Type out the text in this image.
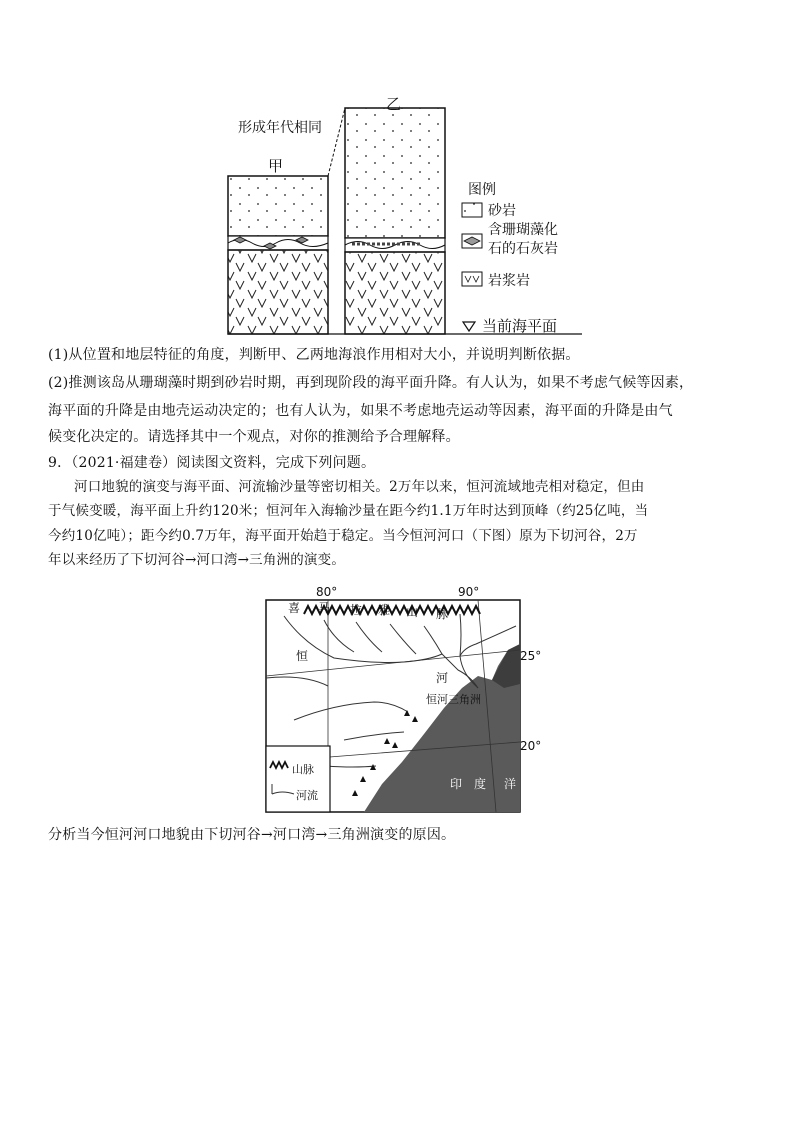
乙
形成年代相同
甲
图例
砂岩
含珊瑚藻化
石的石灰岩
岩浆岩
当前海平面
(1)从位置和地层特征的角度，判断甲、乙两地海浪作用相对大小，并说明判断依据。
(2)推测该岛从珊瑚藻时期到砂岩时期，再到现阶段的海平面升降。有人认为，如果不考虑气候等因素，
海平面的升降是由地壳运动决定的；也有人认为，如果不考虑地壳运动等因素，海平面的升降是由气
候变化决定的。请选择其中一个观点，对你的推测给予合理解释。
9．（2021·福建卷）阅读图文资料，完成下列问题。
河口地貌的演变与海平面、河流输沙量等密切相关。2万年以来，恒河流域地壳相对稳定，但由
于气候变暖，海平面上升约120米；恒河年入海输沙量在距今约1.1万年时达到顶峰（约25亿吨，当
今约10亿吨）；距今约0.7万年，海平面开始趋于稳定。当今恒河河口（下图）原为下切河谷，2万
年以来经历了下切河谷→河口湾→三角洲的演变。
80°	90°
25°
20°
喜 马 拉 雅 山 脉
恒
河
恒河三角洲
印 度 洋
山脉
河流
分析当今恒河河口地貌由下切河谷→河口湾→三角洲演变的原因。
